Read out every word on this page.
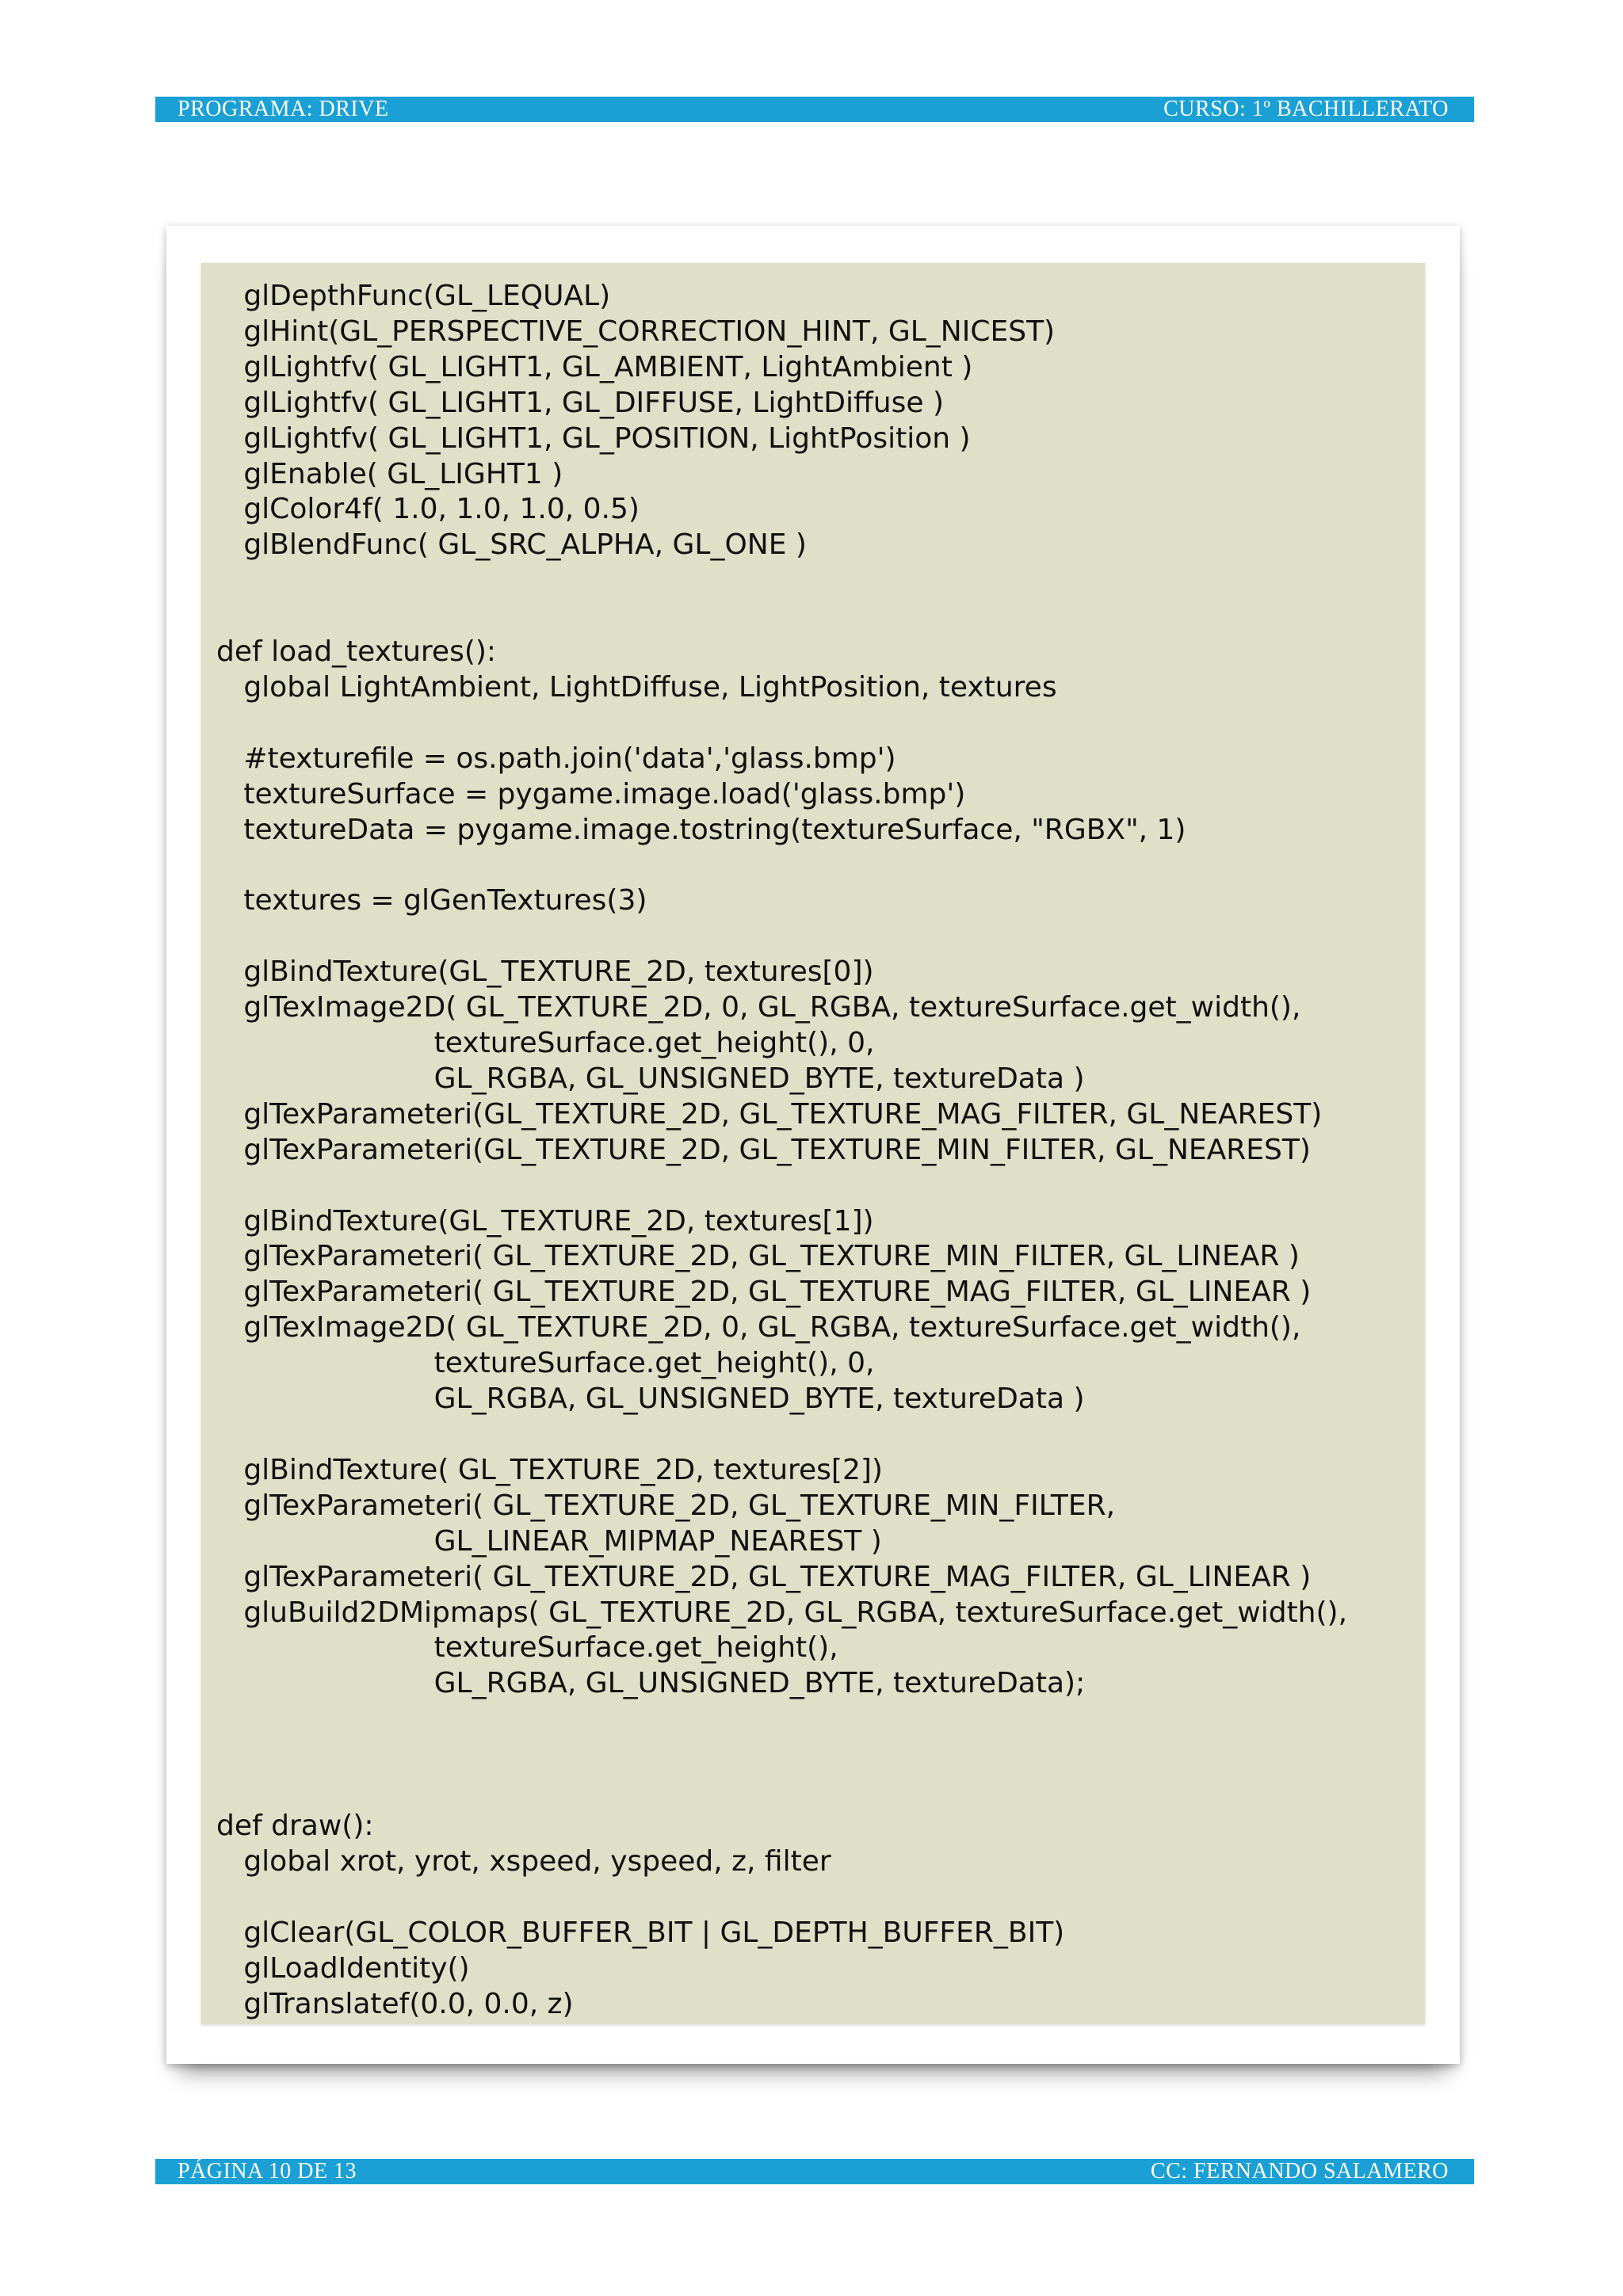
PROGRAMA: DRIVE	CURSO: 1º BACHILLERATO
glDepthFunc(GL_LEQUAL)
glHint(GL_PERSPECTIVE_CORRECTION_HINT, GL_NICEST)
glLightfv( GL_LIGHT1, GL_AMBIENT, LightAmbient )
glLightfv( GL_LIGHT1, GL_DIFFUSE, LightDiffuse )
glLightfv( GL_LIGHT1, GL_POSITION, LightPosition )
glEnable( GL_LIGHT1 )
glColor4f( 1.0, 1.0, 1.0, 0.5)
glBlendFunc( GL_SRC_ALPHA, GL_ONE )

def load_textures():
global LightAmbient, LightDiffuse, LightPosition, textures

#texturefile = os.path.join('data','glass.bmp')
textureSurface = pygame.image.load('glass.bmp')
textureData = pygame.image.tostring(textureSurface, "RGBX", 1)

textures = glGenTextures(3)

glBindTexture(GL_TEXTURE_2D, textures[0])
glTexImage2D( GL_TEXTURE_2D, 0, GL_RGBA, textureSurface.get_width(),
textureSurface.get_height(), 0,
GL_RGBA, GL_UNSIGNED_BYTE, textureData )
glTexParameteri(GL_TEXTURE_2D, GL_TEXTURE_MAG_FILTER, GL_NEAREST)
glTexParameteri(GL_TEXTURE_2D, GL_TEXTURE_MIN_FILTER, GL_NEAREST)

glBindTexture(GL_TEXTURE_2D, textures[1])
glTexParameteri( GL_TEXTURE_2D, GL_TEXTURE_MIN_FILTER, GL_LINEAR )
glTexParameteri( GL_TEXTURE_2D, GL_TEXTURE_MAG_FILTER, GL_LINEAR )
glTexImage2D( GL_TEXTURE_2D, 0, GL_RGBA, textureSurface.get_width(),
textureSurface.get_height(), 0,
GL_RGBA, GL_UNSIGNED_BYTE, textureData )

glBindTexture( GL_TEXTURE_2D, textures[2])
glTexParameteri( GL_TEXTURE_2D, GL_TEXTURE_MIN_FILTER,
GL_LINEAR_MIPMAP_NEAREST )
glTexParameteri( GL_TEXTURE_2D, GL_TEXTURE_MAG_FILTER, GL_LINEAR )
gluBuild2DMipmaps( GL_TEXTURE_2D, GL_RGBA, textureSurface.get_width(),
textureSurface.get_height(),
GL_RGBA, GL_UNSIGNED_BYTE, textureData);

def draw():
global xrot, yrot, xspeed, yspeed, z, filter

glClear(GL_COLOR_BUFFER_BIT | GL_DEPTH_BUFFER_BIT)
glLoadIdentity()
glTranslatef(0.0, 0.0, z)
PÁGINA 10 DE 13	CC: FERNANDO SALAMERO
